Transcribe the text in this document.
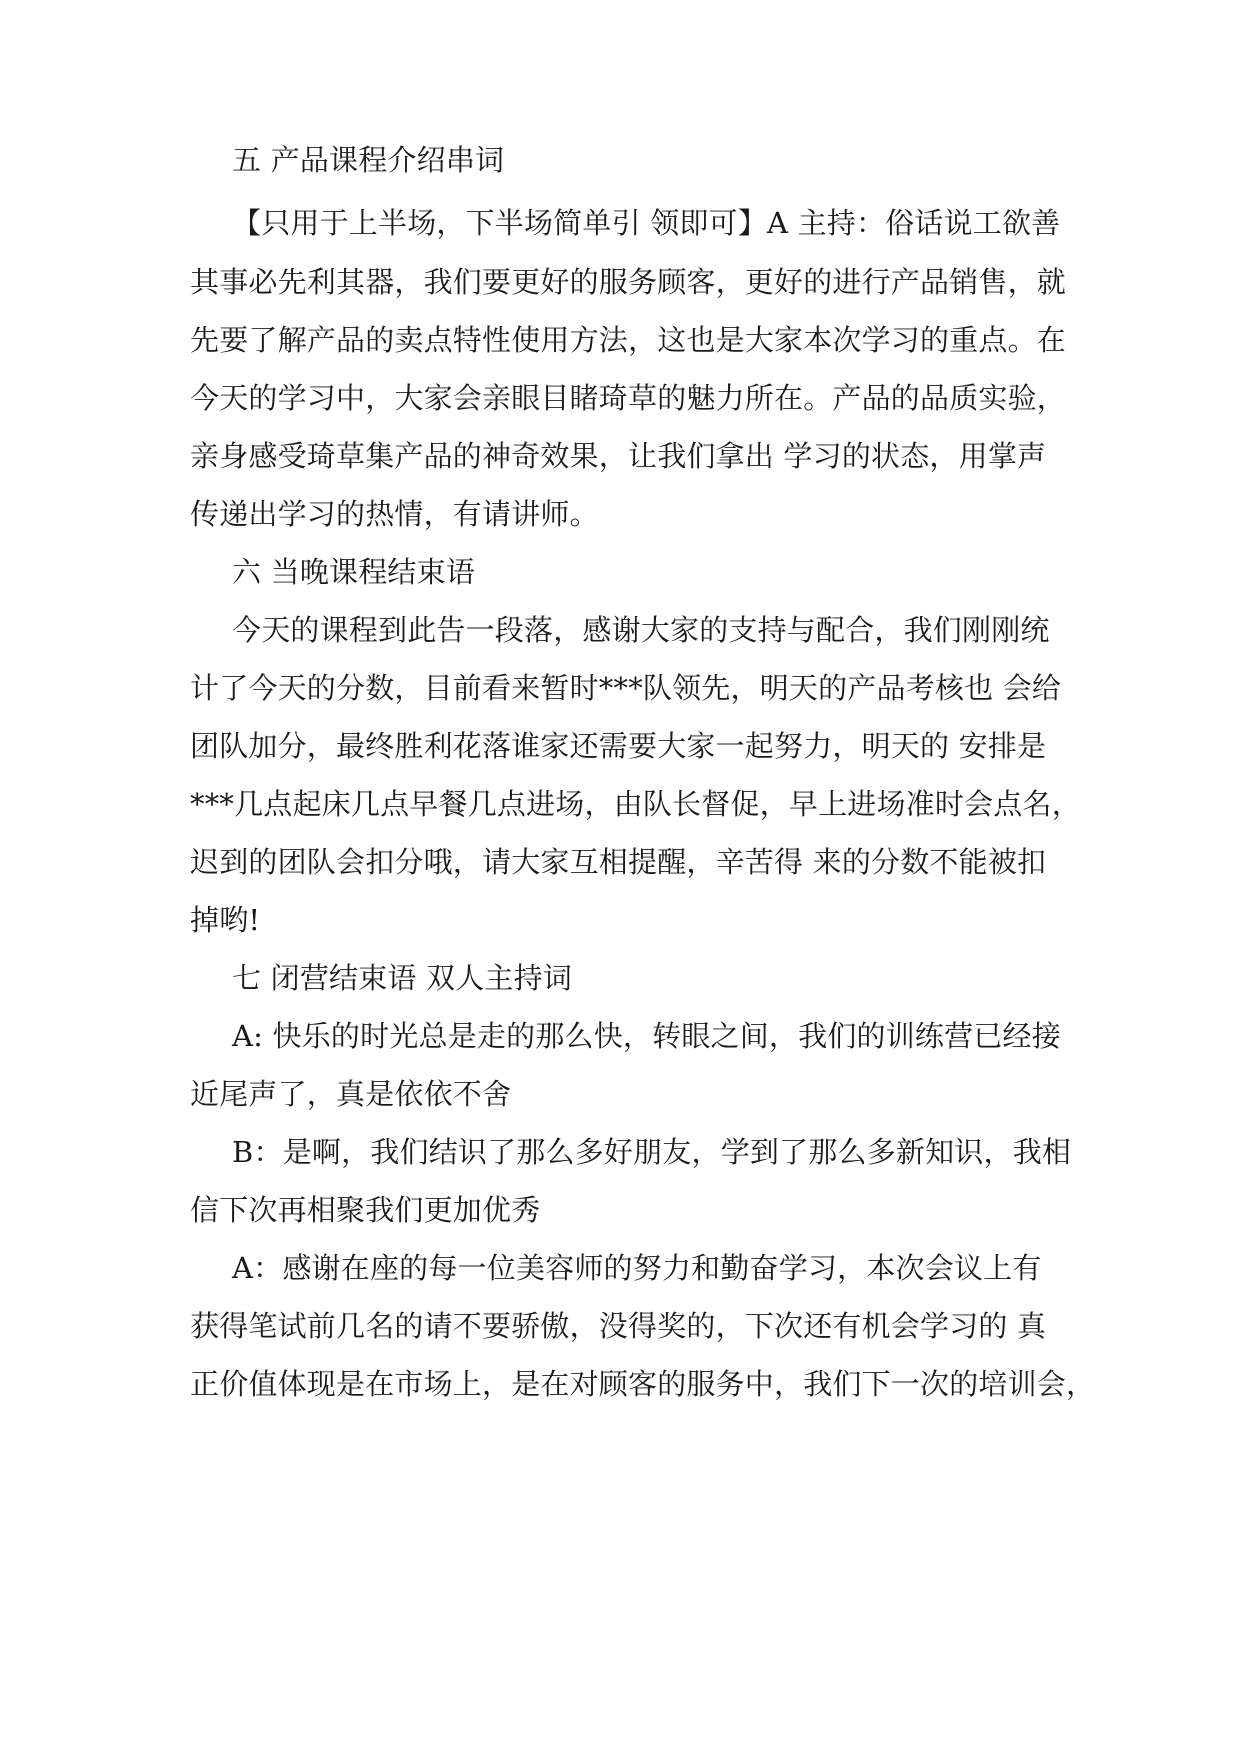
五 产品课程介绍串词

【只用于上半场，下半场简单引 领即可】A 主持：俗话说工欲善

其事必先利其器，我们要更好的服务顾客，更好的进行产品销售，就

先要了解产品的卖点特性使用方法，这也是大家本次学习的重点。在

今天的学习中，大家会亲眼目睹琦草的魅力所在。产品的品质实验，

亲身感受琦草集产品的神奇效果，让我们拿出 学习的状态，用掌声

传递出学习的热情，有请讲师。

六 当晚课程结束语

今天的课程到此告一段落，感谢大家的支持与配合，我们刚刚统

计了今天的分数，目前看来暂时***队领先，明天的产品考核也 会给

团队加分，最终胜利花落谁家还需要大家一起努力，明天的 安排是

***几点起床几点早餐几点进场，由队长督促，早上进场准时会点名，

迟到的团队会扣分哦，请大家互相提醒，辛苦得 来的分数不能被扣

掉哟!

七 闭营结束语 双人主持词

A: 快乐的时光总是走的那么快，转眼之间，我们的训练营已经接

近尾声了，真是依依不舍

B：是啊，我们结识了那么多好朋友，学到了那么多新知识，我相

信下次再相聚我们更加优秀

A：感谢在座的每一位美容师的努力和勤奋学习，本次会议上有

获得笔试前几名的请不要骄傲，没得奖的，下次还有机会学习的 真

正价值体现是在市场上，是在对顾客的服务中，我们下一次的培训会，
